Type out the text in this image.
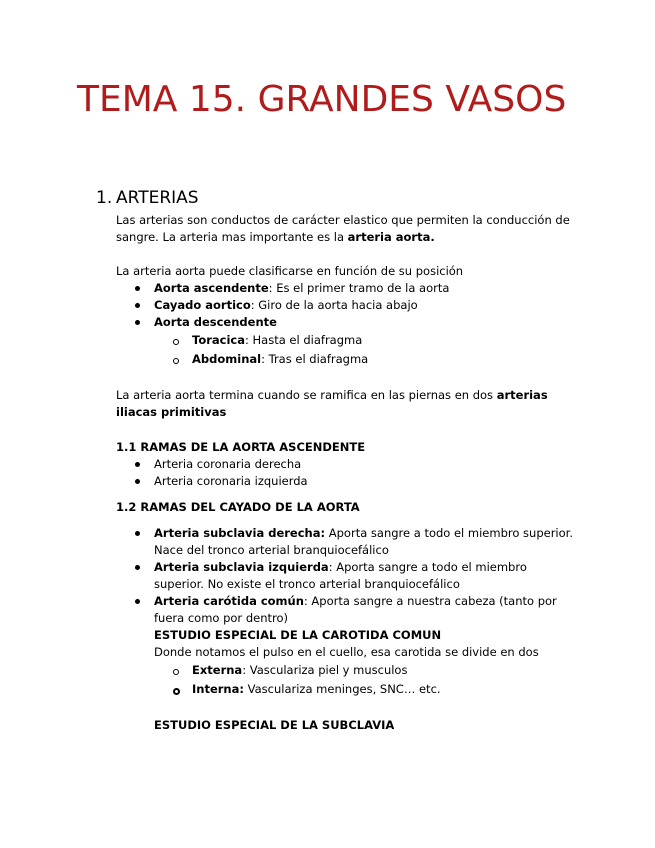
TEMA 15. GRANDES VASOS
1. ARTERIAS

Las arterias son conductos de carácter elastico que permiten la conducción de sangre. La arteria mas importante es la arteria aorta.

La arteria aorta puede clasificarse en función de su posición

Aorta ascendente: Es el primer tramo de la aorta
Cayado aortico: Giro de la aorta hacia abajo
Aorta descendente
Toracica: Hasta el diafragma
Abdominal: Tras el diafragma

La arteria aorta termina cuando se ramifica en las piernas en dos arterias iliacas primitivas

1.1 RAMAS DE LA AORTA ASCENDENTE

Arteria coronaria derecha
Arteria coronaria izquierda

1.2 RAMAS DEL CAYADO DE LA AORTA

Arteria subclavia derecha: Aporta sangre a todo el miembro superior. Nace del tronco arterial branquiocefálico
Arteria subclavia izquierda: Aporta sangre a todo el miembro superior. No existe el tronco arterial branquiocefálico
Arteria carótida común: Aporta sangre a nuestra cabeza (tanto por fuera como por dentro)
ESTUDIO ESPECIAL DE LA CAROTIDA COMUN
Donde notamos el pulso en el cuello, esa carotida se divide en dos
Externa: Vasculariza piel y musculos
Interna: Vasculariza meninges, SNC… etc.

ESTUDIO ESPECIAL DE LA SUBCLAVIA
